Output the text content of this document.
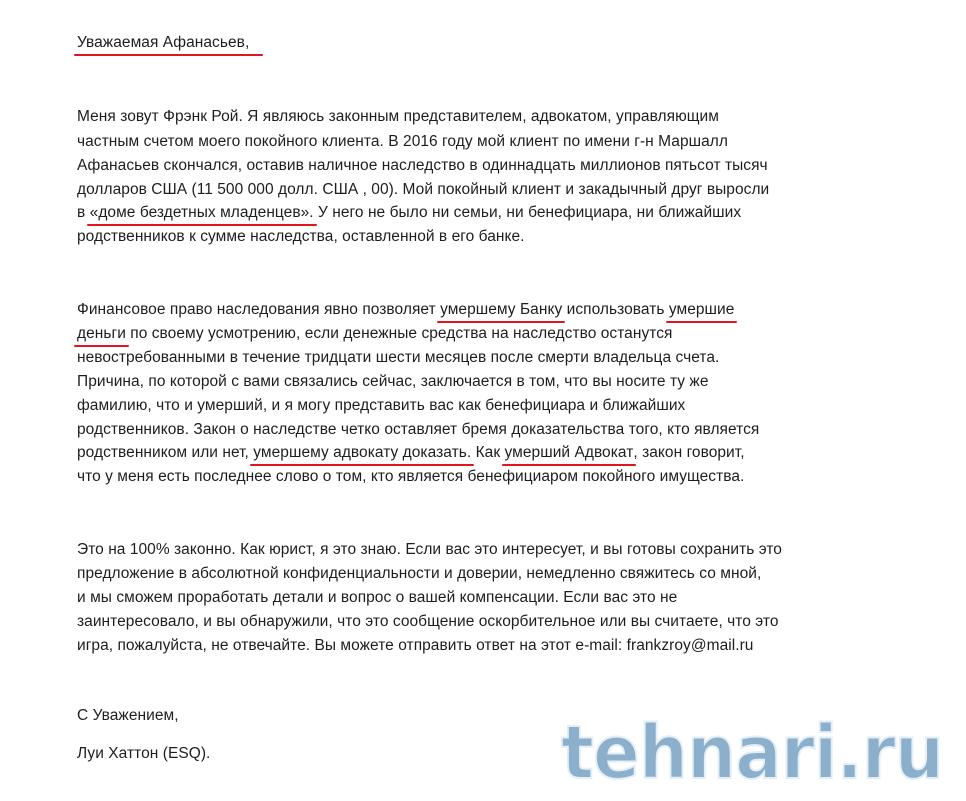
Уважаемая Афанасьев,
Меня зовут Фрэнк Рой. Я являюсь законным представителем, адвокатом, управляющим
частным счетом моего покойного клиента. В 2016 году мой клиент по имени г-н Маршалл
Афанасьев скончался, оставив наличное наследство в одиннадцать миллионов пятьсот тысяч
долларов США (11 500 000 долл. США , 00). Мой покойный клиент и закадычный друг выросли
в «доме бездетных младенцев». У него не было ни семьи, ни бенефициара, ни ближайших
родственников к сумме наследства, оставленной в его банке.
Финансовое право наследования явно позволяет умершему Банку использовать умершие
деньги по своему усмотрению, если денежные средства на наследство останутся
невостребованными в течение тридцати шести месяцев после смерти владельца счета.
Причина, по которой с вами связались сейчас, заключается в том, что вы носите ту же
фамилию, что и умерший, и я могу представить вас как бенефициара и ближайших
родственников. Закон о наследстве четко оставляет бремя доказательства того, кто является
родственником или нет, умершему адвокату доказать. Как умерший Адвокат, закон говорит,
что у меня есть последнее слово о том, кто является бенефициаром покойного имущества.
Это на 100% законно. Как юрист, я это знаю. Если вас это интересует, и вы готовы сохранить это
предложение в абсолютной конфиденциальности и доверии, немедленно свяжитесь со мной,
и мы сможем проработать детали и вопрос о вашей компенсации. Если вас это не
заинтересовало, и вы обнаружили, что это сообщение оскорбительное или вы считаете, что это
игра, пожалуйста, не отвечайте. Вы можете отправить ответ на этот e-mail: frankzroy@mail.ru
С Уважением,
Луи Хаттон (ESQ).	tehnari.ru
